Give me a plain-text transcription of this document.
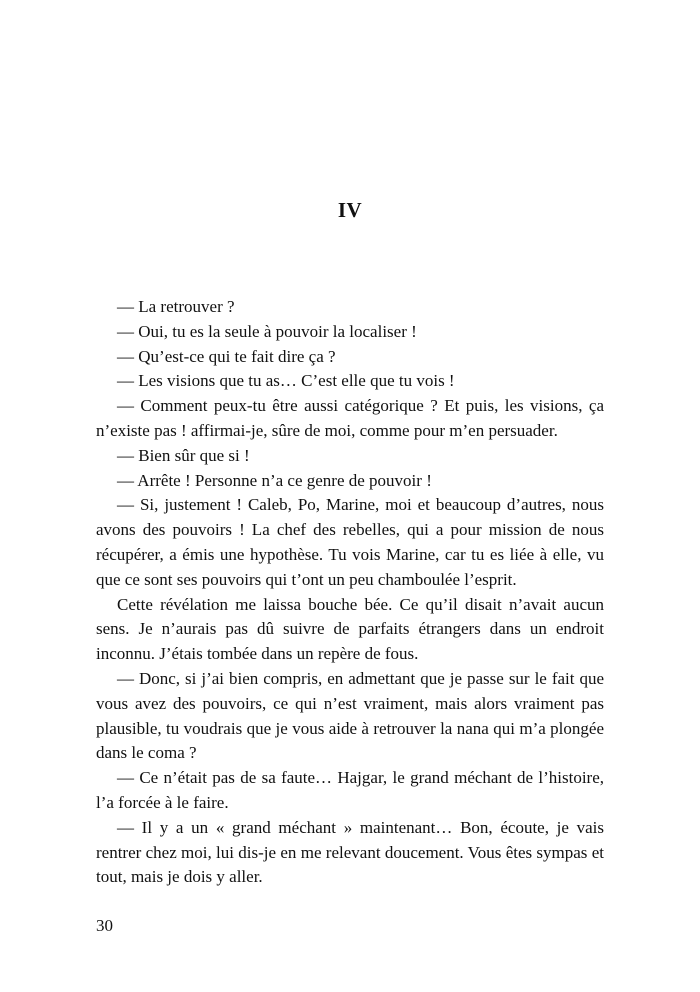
IV

— La retrouver ?

— Oui, tu es la seule à pouvoir la localiser !

— Qu’est-ce qui te fait dire ça ?

— Les visions que tu as… C’est elle que tu vois !

— Comment peux-tu être aussi catégorique ? Et puis, les visions, ça n’existe pas ! affirmai-je, sûre de moi, comme pour m’en persuader.

— Bien sûr que si !

— Arrête ! Personne n’a ce genre de pouvoir !

— Si, justement ! Caleb, Po, Marine, moi et beaucoup d’autres, nous avons des pouvoirs ! La chef des rebelles, qui a pour mission de nous récupérer, a émis une hypothèse. Tu vois Marine, car tu es liée à elle, vu que ce sont ses pouvoirs qui t’ont un peu chamboulée l’esprit.

Cette révélation me laissa bouche bée. Ce qu’il disait n’avait aucun sens. Je n’aurais pas dû suivre de parfaits étrangers dans un endroit inconnu. J’étais tombée dans un repère de fous.

— Donc, si j’ai bien compris, en admettant que je passe sur le fait que vous avez des pouvoirs, ce qui n’est vraiment, mais alors vraiment pas plausible, tu voudrais que je vous aide à retrouver la nana qui m’a plongée dans le coma ?

— Ce n’était pas de sa faute… Hajgar, le grand méchant de l’histoire, l’a forcée à le faire.

— Il y a un « grand méchant » maintenant… Bon, écoute, je vais rentrer chez moi, lui dis-je en me relevant doucement. Vous êtes sympas et tout, mais je dois y aller.

30
